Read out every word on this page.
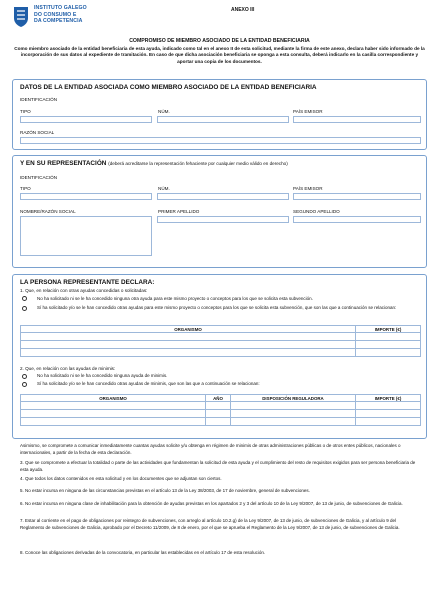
INSTITUTO GALEGO
DO CONSUMO E
DA COMPETENCIA
ANEXO III
COMPROMISO DE MIEMBRO ASOCIADO DE LA ENTIDAD BENEFICIARIA
Como miembro asociado de la entidad beneficiaria de esta ayuda, indicado como tal en el anexo II de esta solicitud, mediante la firma de este anexo, declara haber sido informado de la incorporación de sus datos al expediente de tramitación. En caso de que dicha asociación beneficiaria se oponga a esta consulta, deberá indicarlo en la casilla correspondiente y aportar una copia de los documentos.
DATOS DE LA ENTIDAD ASOCIADA COMO MIEMBRO ASOCIADO DE LA ENTIDAD BENEFICIARIA
IDENTIFICACIÓN
TIPO	NÚM.	PAÍS EMISOR
RAZÓN SOCIAL
Y EN SU REPRESENTACIÓN (deberá acreditarse la representación fehaciente por cualquier medio válido en derecho)
IDENTIFICACIÓN
TIPO	NÚM.	PAÍS EMISOR
NOMBRE/RAZÓN SOCIAL	PRIMER APELLIDO	SEGUNDO APELLIDO
LA PERSONA REPRESENTANTE DECLARA:
1. Que, en relación con otras ayudas concedidas o solicitadas:
No ha solicitado ni se le ha concedido ninguna otra ayuda para este mismo proyecto o conceptos para los que se solicita esta subvención.
Sí ha solicitado y/o se le han concedido otras ayudas para este mismo proyecto o conceptos para los que se solicita esta subvención, que son las que a continuación se relacionan:
ORGANISMO	IMPORTE (€)

2. Que, en relación con las ayudas de minimis:
No ha solicitado ni se le ha concedido ninguna ayuda de minimis.
Sí ha solicitado y/o se le han concedido otras ayudas de minimis, que son las que a continuación se relacionan:
ORGANISMO	AÑO	DISPOSICIÓN REGULADORA	IMPORTE (€)

Asimismo, se compromete a comunicar inmediatamente cuantas ayudas solicite y/u obtenga en régimen de minimis de otras administraciones públicas o de otros entes públicos, nacionales o internacionales, a partir de la fecha de esta declaración.
3. Que se compromete a efectuar la totalidad o parte de las actividades que fundamentan la solicitud de esta ayuda y el cumplimiento del resto de requisitos exigidos para ser persona beneficiaria de esta ayuda.
4. Que todos los datos contenidos en esta solicitud y en los documentes que se adjuntan son ciertos.
5. No estar incursa en ninguna de las circunstancias previstas en el artículo 13 de la Ley 38/2003, de 17 de noviembre, general de subvenciones.
6. No estar incursa en ninguna clase de inhabilitación para la obtención de ayudas previstas en los apartados 2 y 3 del artículo 10 de la Ley 9/2007, de 13 de junio, de subvenciones de Galicia.
7. Estar al corriente en el pago de obligaciones por reintegro de subvenciones, con arreglo al artículo 10.2.g) de la Ley 9/2007, de 13 de junio, de subvenciones de Galicia, y al artículo 9 del Reglamento de subvenciones de Galicia, aprobado por el Decreto 11/2009, de 8 de enero, por el que se aprueba el Reglamento de la Ley 9/2007, de 13 de junio, de subvenciones de Galicia.
8. Conoce las obligaciones derivadas de la convocatoria, en particular las establecidas en el artículo 17 de esta resolución.
